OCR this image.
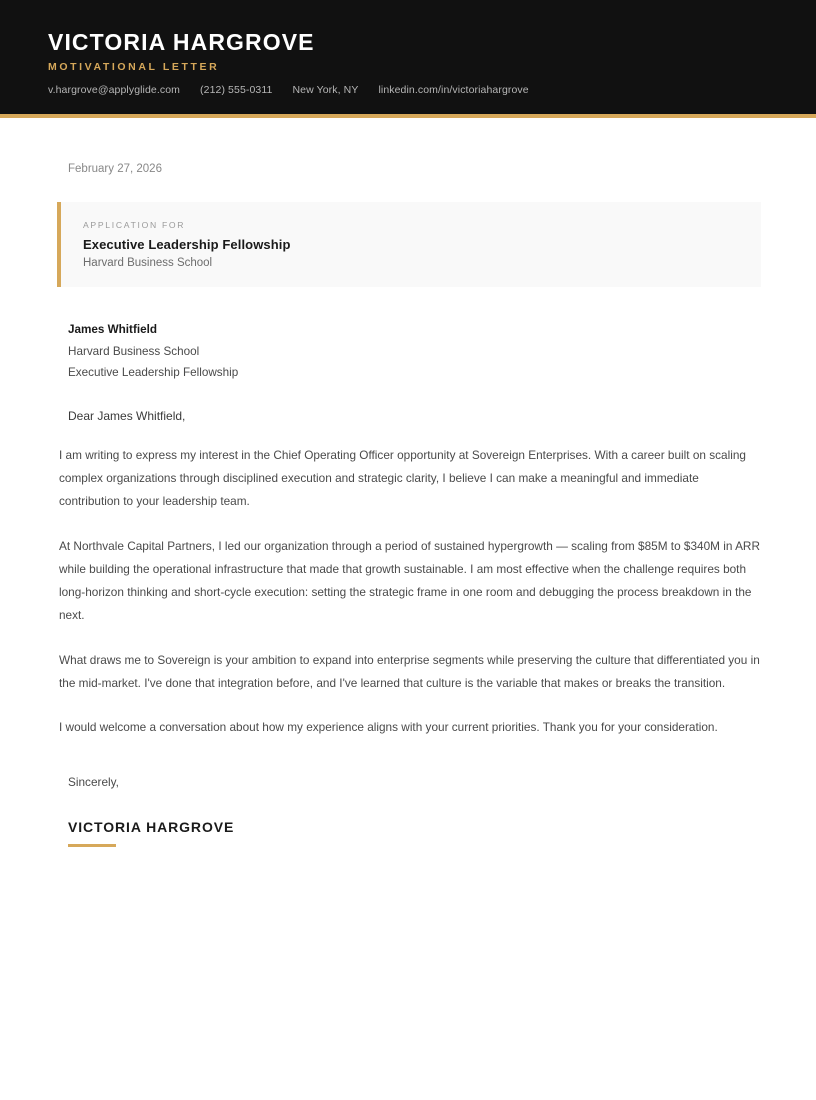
VICTORIA HARGROVE
MOTIVATIONAL LETTER
v.hargrove@applyglide.com (212) 555-0311 New York, NY linkedin.com/in/victoriahargrove
February 27, 2026
APPLICATION FOR
Executive Leadership Fellowship
Harvard Business School
James Whitfield
Harvard Business School
Executive Leadership Fellowship
Dear James Whitfield,
I am writing to express my interest in the Chief Operating Officer opportunity at Sovereign Enterprises. With a career built on scaling complex organizations through disciplined execution and strategic clarity, I believe I can make a meaningful and immediate contribution to your leadership team.
At Northvale Capital Partners, I led our organization through a period of sustained hypergrowth — scaling from $85M to $340M in ARR while building the operational infrastructure that made that growth sustainable. I am most effective when the challenge requires both long-horizon thinking and short-cycle execution: setting the strategic frame in one room and debugging the process breakdown in the next.
What draws me to Sovereign is your ambition to expand into enterprise segments while preserving the culture that differentiated you in the mid-market. I've done that integration before, and I've learned that culture is the variable that makes or breaks the transition.
I would welcome a conversation about how my experience aligns with your current priorities. Thank you for your consideration.
Sincerely,
VICTORIA HARGROVE
